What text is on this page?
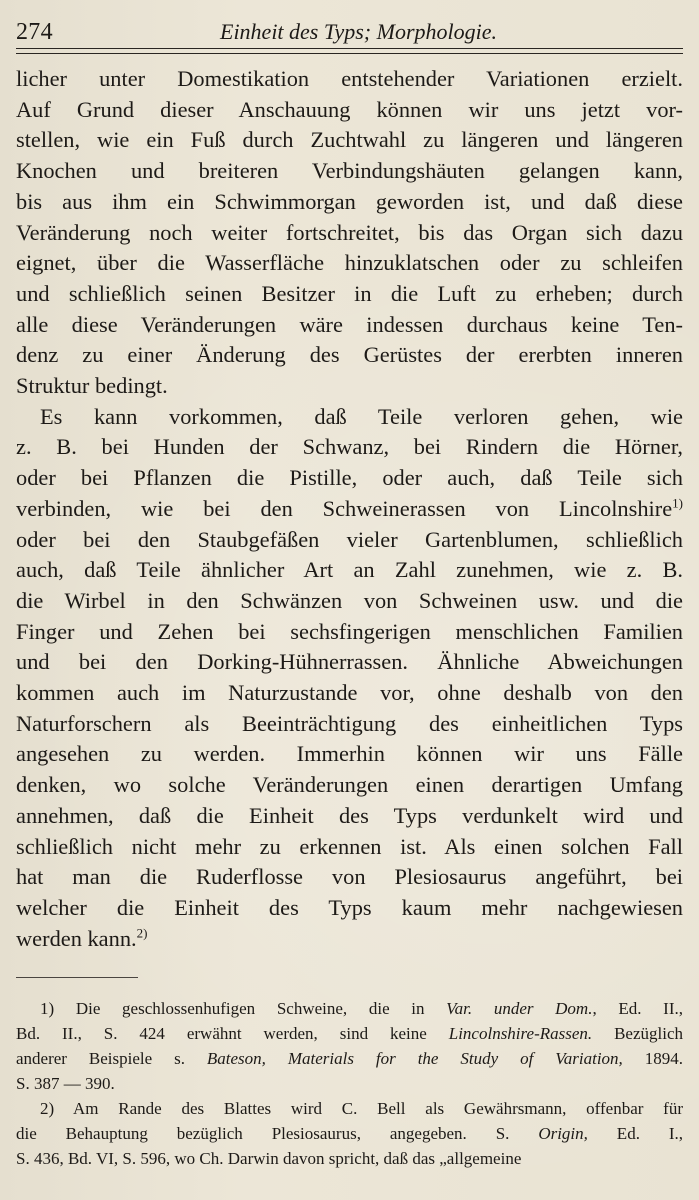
274	Einheit des Typs; Morphologie.
licher unter Domestikation entstehender Variationen erzielt.
Auf Grund dieser Anschauung können wir uns jetzt vor-
stellen, wie ein Fuß durch Zuchtwahl zu längeren und längeren
Knochen und breiteren Verbindungshäuten gelangen kann,
bis aus ihm ein Schwimmorgan geworden ist, und daß diese
Veränderung noch weiter fortschreitet, bis das Organ sich dazu
eignet, über die Wasserfläche hinzuklatschen oder zu schleifen
und schließlich seinen Besitzer in die Luft zu erheben; durch
alle diese Veränderungen wäre indessen durchaus keine Ten-
denz zu einer Änderung des Gerüstes der ererbten inneren
Struktur bedingt.
Es kann vorkommen, daß Teile verloren gehen, wie
z. B. bei Hunden der Schwanz, bei Rindern die Hörner,
oder bei Pflanzen die Pistille, oder auch, daß Teile sich
verbinden, wie bei den Schweinerassen von Lincolnshire$^{1)}$
oder bei den Staubgefäßen vieler Gartenblumen, schließlich
auch, daß Teile ähnlicher Art an Zahl zunehmen, wie z. B.
die Wirbel in den Schwänzen von Schweinen usw. und die
Finger und Zehen bei sechsfingerigen menschlichen Familien
und bei den Dorking-Hühnerrassen. Ähnliche Abweichungen
kommen auch im Naturzustande vor, ohne deshalb von den
Naturforschern als Beeinträchtigung des einheitlichen Typs
angesehen zu werden. Immerhin können wir uns Fälle
denken, wo solche Veränderungen einen derartigen Umfang
annehmen, daß die Einheit des Typs verdunkelt wird und
schließlich nicht mehr zu erkennen ist. Als einen solchen Fall
hat man die Ruderflosse von Plesiosaurus angeführt, bei
welcher die Einheit des Typs kaum mehr nachgewiesen
werden kann.$^{2)}$
1) Die geschlossenhufigen Schweine, die in Var. under Dom., Ed. II.,
Bd. II., S. 424 erwähnt werden, sind keine Lincolnshire-Rassen. Bezüglich
anderer Beispiele s. Bateson, Materials for the Study of Variation, 1894.
S. 387 — 390.
2) Am Rande des Blattes wird C. Bell als Gewährsmann, offenbar für
die Behauptung bezüglich Plesiosaurus, angegeben. S. Origin, Ed. I.,
S. 436, Bd. VI, S. 596, wo Ch. Darwin davon spricht, daß das „allgemeine
